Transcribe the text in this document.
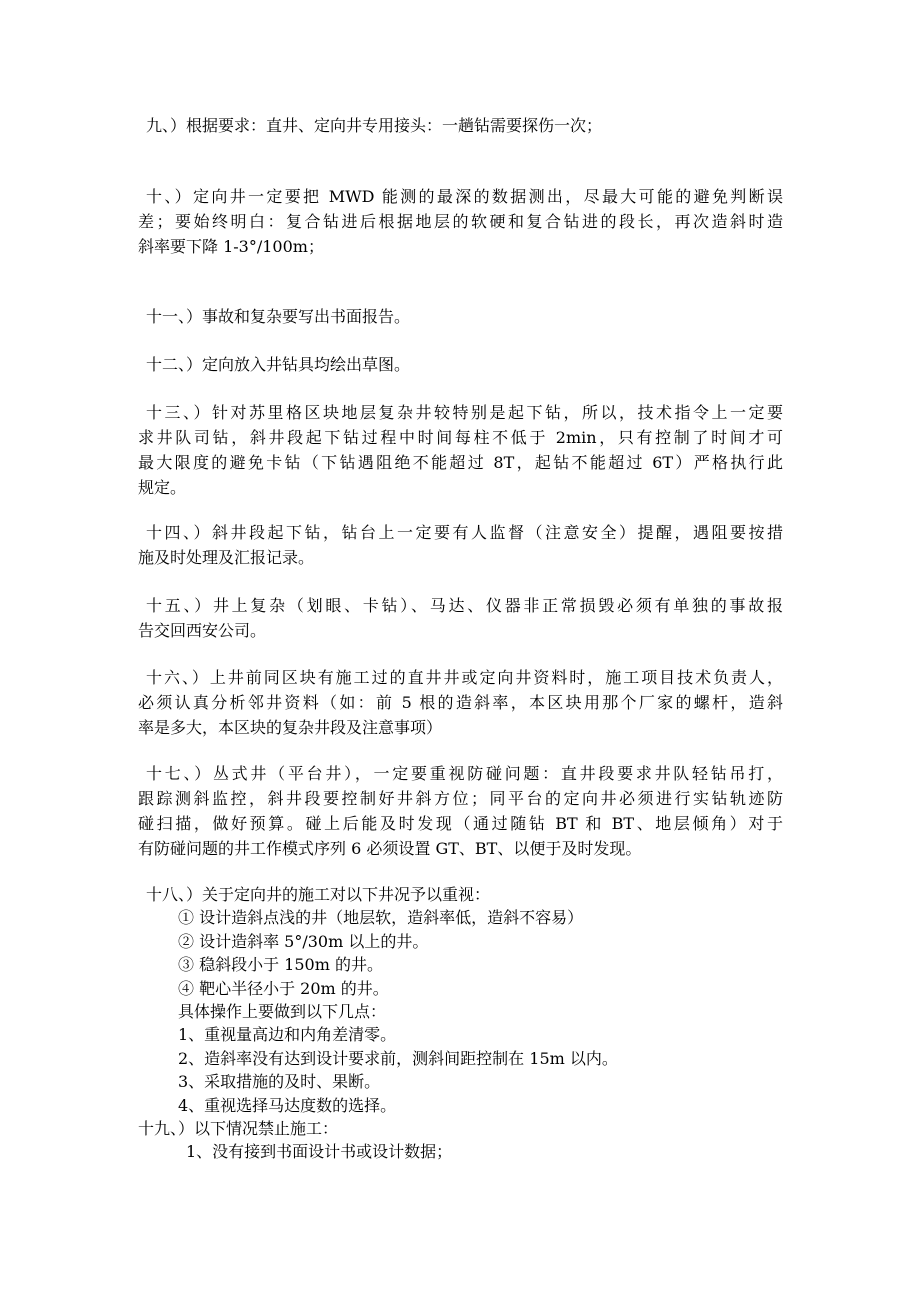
九、）根据要求：直井、定向井专用接头：一趟钻需要探伤一次；
十、）定向井一定要把 MWD 能测的最深的数据测出，尽最大可能的避免判断误
差；要始终明白：复合钻进后根据地层的软硬和复合钻进的段长，再次造斜时造
斜率要下降 1-3°/100m；
十一、）事故和复杂要写出书面报告。
十二、）定向放入井钻具均绘出草图。
十三、）针对苏里格区块地层复杂井较特别是起下钻，所以，技术指令上一定要
求井队司钻，斜井段起下钻过程中时间每柱不低于 2min，只有控制了时间才可
最大限度的避免卡钻（下钻遇阻绝不能超过 8T，起钻不能超过 6T）严格执行此
规定。
十四、）斜井段起下钻，钻台上一定要有人监督（注意安全）提醒，遇阻要按措
施及时处理及汇报记录。
十五、）井上复杂（划眼、卡钻）、马达、仪器非正常损毁必须有单独的事故报
告交回西安公司。
十六、）上井前同区块有施工过的直井井或定向井资料时，施工项目技术负责人，
必须认真分析邻井资料（如：前 5 根的造斜率，本区块用那个厂家的螺杆，造斜
率是多大，本区块的复杂井段及注意事项）
十七、）丛式井（平台井），一定要重视防碰问题：直井段要求井队轻钻吊打，
跟踪测斜监控，斜井段要控制好井斜方位；同平台的定向井必须进行实钻轨迹防
碰扫描，做好预算。碰上后能及时发现（通过随钻 BT 和 BT、地层倾角）对于
有防碰问题的井工作模式序列 6 必须设置 GT、BT、以便于及时发现。
十八、）关于定向井的施工对以下井况予以重视：
① 设计造斜点浅的井（地层软，造斜率低，造斜不容易）
② 设计造斜率 5°/30m 以上的井。
③ 稳斜段小于 150m 的井。
④ 靶心半径小于 20m 的井。
具体操作上要做到以下几点：
1、重视量高边和内角差清零。
2、造斜率没有达到设计要求前，测斜间距控制在 15m 以内。
3、采取措施的及时、果断。
4、重视选择马达度数的选择。
十九、）以下情况禁止施工：
1、没有接到书面设计书或设计数据；
